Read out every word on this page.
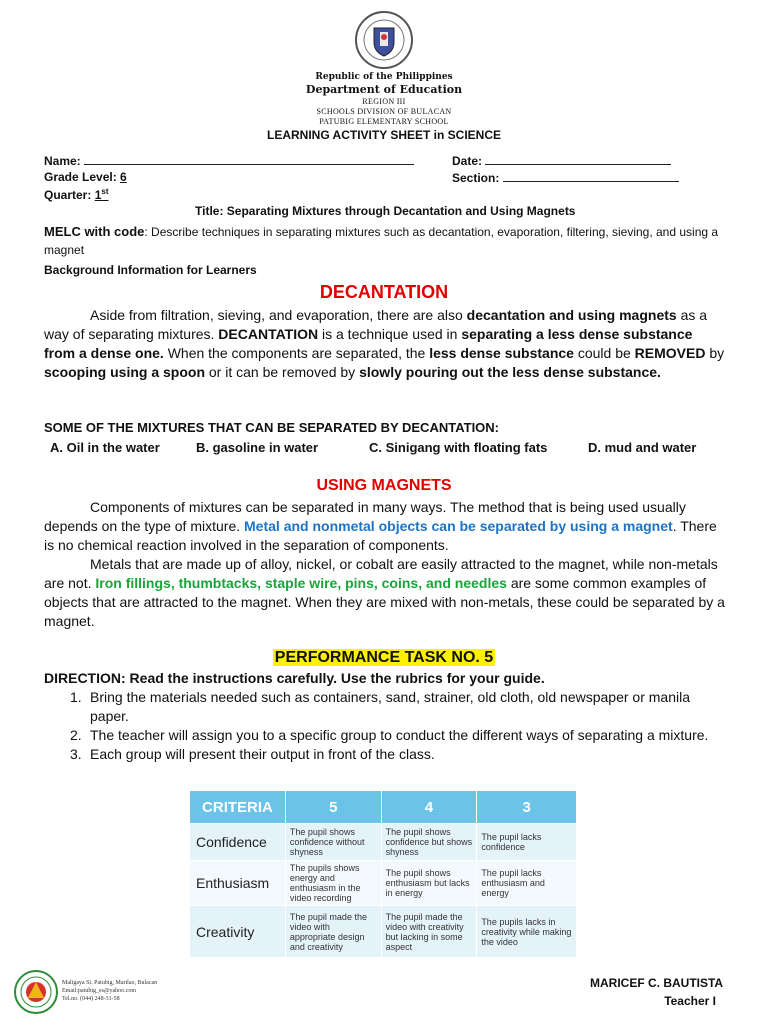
Republic of the Philippines
Department of Education
REGION III
SCHOOLS DIVISION OF BULACAN
PATUBIG ELEMENTARY SCHOOL
LEARNING ACTIVITY SHEET in SCIENCE
Name:	Date:
Grade Level: 6	Section:
Quarter: 1st
Title: Separating Mixtures through Decantation and Using Magnets
MELC with code: Describe techniques in separating mixtures such as decantation, evaporation, filtering, sieving, and using a magnet
Background Information for Learners
DECANTATION
Aside from filtration, sieving, and evaporation, there are also decantation and using magnets as a way of separating mixtures. DECANTATION is a technique used in separating a less dense substance from a dense one. When the components are separated, the less dense substance could be REMOVED by scooping using a spoon or it can be removed by slowly pouring out the less dense substance.
SOME OF THE MIXTURES THAT CAN BE SEPARATED BY DECANTATION:
A. Oil in the water	B. gasoline in water	C. Sinigang with floating fats	D. mud and water
USING MAGNETS
Components of mixtures can be separated in many ways. The method that is being used usually depends on the type of mixture. Metal and nonmetal objects can be separated by using a magnet. There is no chemical reaction involved in the separation of components.
Metals that are made up of alloy, nickel, or cobalt are easily attracted to the magnet, while non-metals are not. Iron fillings, thumbtacks, staple wire, pins, coins, and needles are some common examples of objects that are attracted to the magnet. When they are mixed with non-metals, these could be separated by a magnet.
PERFORMANCE TASK NO. 5
DIRECTION: Read the instructions carefully. Use the rubrics for your guide.
1. Bring the materials needed such as containers, sand, strainer, old cloth, old newspaper or manila paper.
2. The teacher will assign you to a specific group to conduct the different ways of separating a mixture.
3. Each group will present their output in front of the class.
CRITERIA	5	4	3
Confidence	The pupil shows confidence without shyness	The pupil shows confidence but shows shyness	The pupil lacks confidence
Enthusiasm	The pupils shows energy and enthusiasm in the video recording	The pupil shows enthusiasm but lacks in energy	The pupil lacks enthusiasm and energy
Creativity	The pupil made the video with appropriate design and creativity	The pupil made the video with creativity but lacking in some aspect	The pupils lacks in creativity while making the video
Maligaya St. Patubig, Marilao, Bulacan
Email:patubig_es@yahoo.com
Tel.no. (044) 248-31-58
MARICEF C. BAUTISTA
Teacher I
